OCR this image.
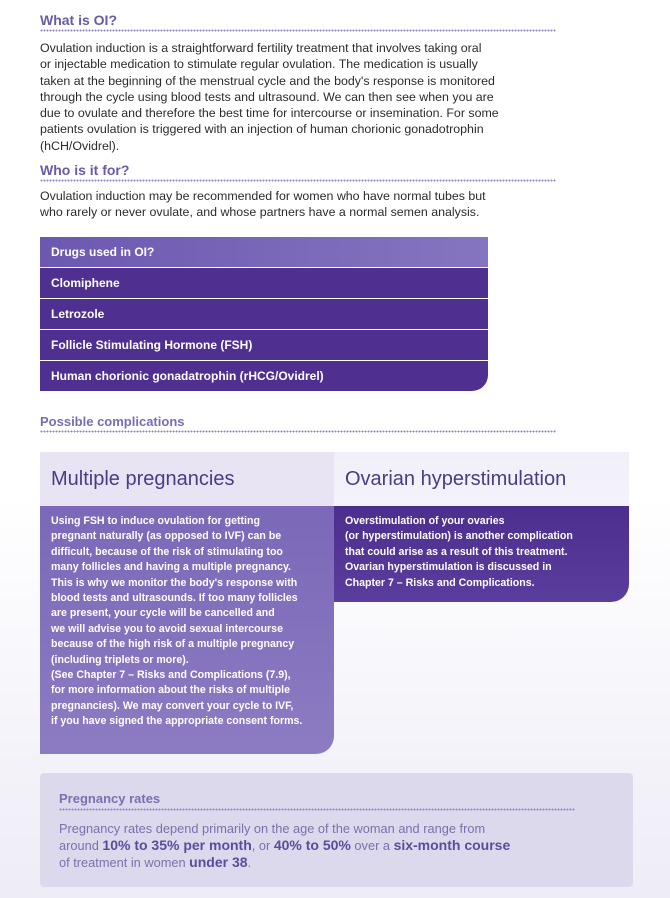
What is OI?

Ovulation induction is a straightforward fertility treatment that involves taking oral
or injectable medication to stimulate regular ovulation. The medication is usually
taken at the beginning of the menstrual cycle and the body's response is monitored
through the cycle using blood tests and ultrasound. We can then see when you are
due to ovulate and therefore the best time for intercourse or insemination. For some
patients ovulation is triggered with an injection of human chorionic gonadotrophin
(hCH/Ovidrel).

Who is it for?

Ovulation induction may be recommended for women who have normal tubes but
who rarely or never ovulate, and whose partners have a normal semen analysis.

Drugs used in OI?
Clomiphene
Letrozole
Follicle Stimulating Hormone (FSH)
Human chorionic gonadatrophin (rHCG/Ovidrel)
Possible complications
Multiple pregnancies
Using FSH to induce ovulation for getting
pregnant naturally (as opposed to IVF) can be
difficult, because of the risk of stimulating too
many follicles and having a multiple pregnancy.
This is why we monitor the body's response with
blood tests and ultrasounds. If too many follicles
are present, your cycle will be cancelled and
we will advise you to avoid sexual intercourse
because of the high risk of a multiple pregnancy
(including triplets or more).
(See Chapter 7 – Risks and Complications (7.9),
for more information about the risks of multiple
pregnancies). We may convert your cycle to IVF,
if you have signed the appropriate consent forms.
Ovarian hyperstimulation
Overstimulation of your ovaries
(or hyperstimulation) is another complication
that could arise as a result of this treatment.
Ovarian hyperstimulation is discussed in
Chapter 7 – Risks and Complications.
Pregnancy rates

Pregnancy rates depend primarily on the age of the woman and range from
around 10% to 35% per month, or 40% to 50% over a six-month course
of treatment in women under 38.
